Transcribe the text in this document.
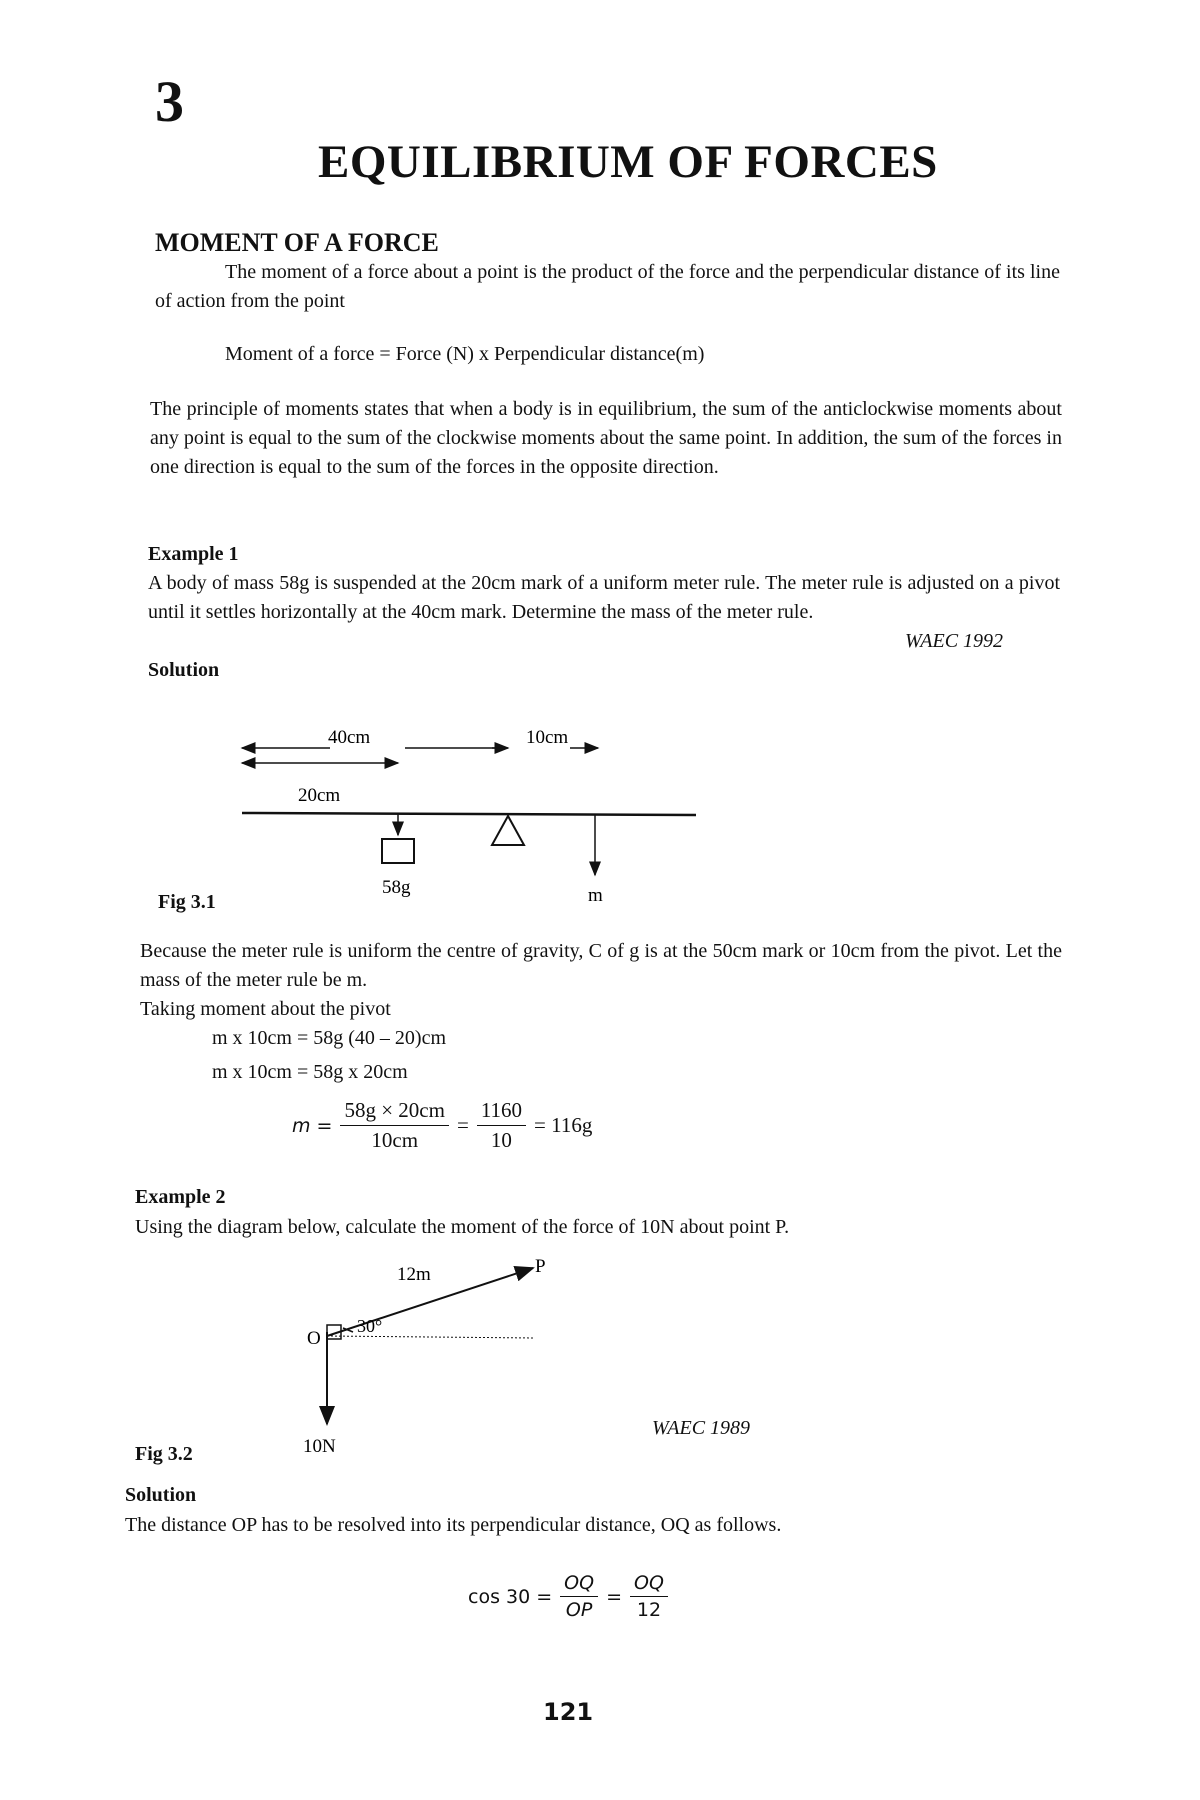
3
EQUILIBRIUM OF FORCES
MOMENT OF A FORCE
The moment of a force about a point is the product of the force and the perpendicular distance of its line of action from the point
Moment of a force = Force (N) x Perpendicular distance(m)
The principle of moments states that when a body is in equilibrium, the sum of the anticlockwise moments about any point is equal to the sum of the clockwise moments about the same point. In addition, the sum of the forces in one direction is equal to the sum of the forces in the opposite direction.
Example 1
A body of mass 58g is suspended at the 20cm mark of a uniform meter rule. The meter rule is adjusted on a pivot until it settles horizontally at the 40cm mark. Determine the mass of the meter rule.
WAEC 1992
Solution
40cm	10cm
20cm
58g	m
Fig 3.1
Because the meter rule is uniform the centre of gravity, C of g is at the 50cm mark or 10cm from the pivot. Let the mass of the meter rule be m.
Taking moment about the pivot
m x 10cm = 58g (40 – 20)cm
m x 10cm = 58g x 20cm
$m = \frac{58g \times 20cm}{10cm} = \frac{1160}{10} = 116g$
Example 2
Using the diagram below, calculate the moment of the force of 10N about point P.
12m	P
30°
O
10N
WAEC 1989
Fig 3.2
Solution
The distance OP has to be resolved into its perpendicular distance, OQ as follows.
$\cos 30 = \frac{OQ}{OP} = \frac{OQ}{12}$
121
